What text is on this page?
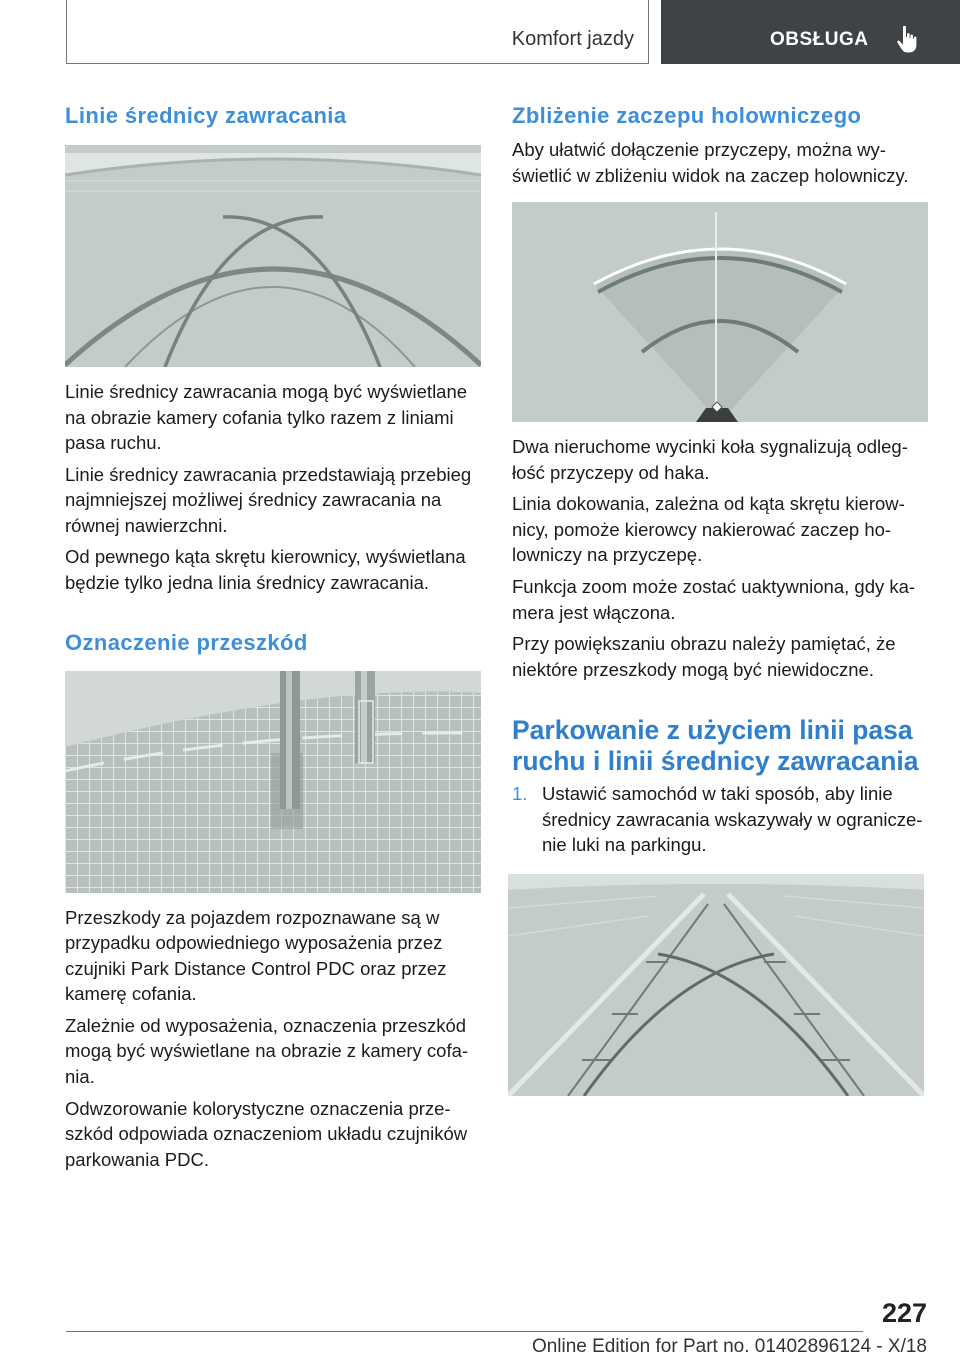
Komfort jazdy	OBSŁUGA
Linie średnicy zawracania

Linie średnicy zawracania mogą być wyświetlane na obrazie kamery cofania tylko razem z liniami pasa ruchu.

Linie średnicy zawracania przedstawiają przebieg najmniejszej możliwej średnicy zawracania na równej nawierzchni.

Od pewnego kąta skrętu kierownicy, wyświetlana będzie tylko jedna linia średnicy zawracania.

Oznaczenie przeszkód

Przeszkody za pojazdem rozpoznawane są w przypadku odpowiedniego wyposażenia przez czujniki Park Distance Control PDC oraz przez kamerę cofania.

Zależnie od wyposażenia, oznaczenia przeszkód mogą być wyświetlane na obrazie z kamery cofa‐nia.

Odwzorowanie kolorystyczne oznaczenia prze‐szkód odpowiada oznaczeniom układu czujników parkowania PDC.

Zbliżenie zaczepu holowniczego

Aby ułatwić dołączenie przyczepy, można wy‐świetlić w zbliżeniu widok na zaczep holowniczy.

Dwa nieruchome wycinki koła sygnalizują odleg‐łość przyczepy od haka.

Linia dokowania, zależna od kąta skrętu kierow‐nicy, pomoże kierowcy nakierować zaczep ho‐lowniczy na przyczepę.

Funkcja zoom może zostać uaktywniona, gdy ka‐mera jest włączona.

Przy powiększaniu obrazu należy pamiętać, że niektóre przeszkody mogą być niewidoczne.

Parkowanie z użyciem linii pasa ruchu i linii średnicy zawracania
1. Ustawić samochód w taki sposób, aby linie średnicy zawracania wskazywały w ogranicze‐nie luki na parkingu.
227
Online Edition for Part no. 01402896124 - X/18
